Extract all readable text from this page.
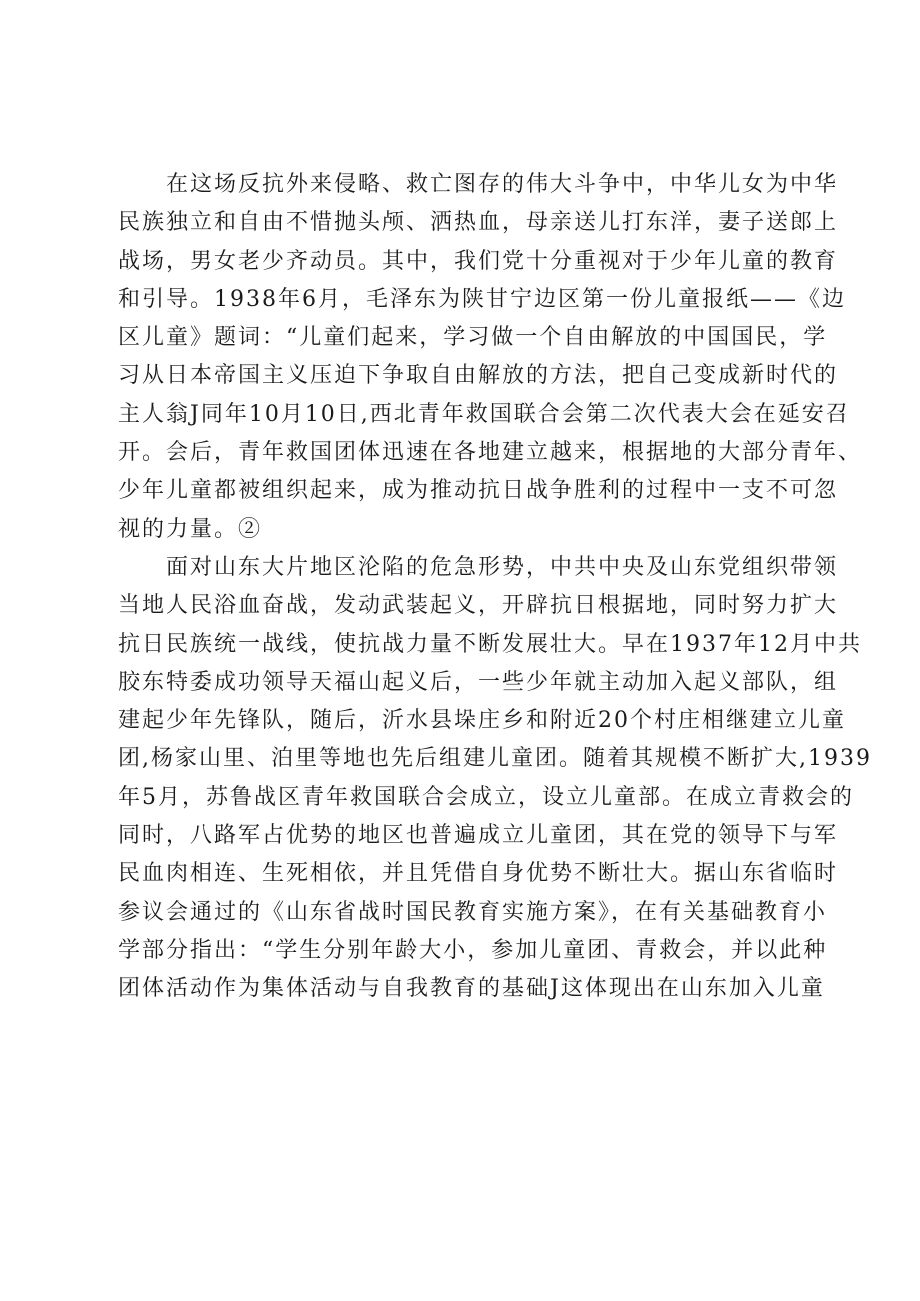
在这场反抗外来侵略、救亡图存的伟大斗争中，中华儿女为中华
民族独立和自由不惜抛头颅、洒热血，母亲送儿打东洋，妻子送郎上
战场，男女老少齐动员。其中，我们党十分重视对于少年儿童的教育
和引导。1938年6月，毛泽东为陕甘宁边区第一份儿童报纸——《边
区儿童》题词：“儿童们起来，学习做一个自由解放的中国国民，学
习从日本帝国主义压迫下争取自由解放的方法，把自己变成新时代的
主人翁J同年10月10日,西北青年救国联合会第二次代表大会在延安召
开。会后，青年救国团体迅速在各地建立越来，根据地的大部分青年、
少年儿童都被组织起来，成为推动抗日战争胜利的过程中一支不可忽
视的力量。②
面对山东大片地区沦陷的危急形势，中共中央及山东党组织带领
当地人民浴血奋战，发动武装起义，开辟抗日根据地，同时努力扩大
抗日民族统一战线，使抗战力量不断发展壮大。早在1937年12月中共
胶东特委成功领导天福山起义后，一些少年就主动加入起义部队，组
建起少年先锋队，随后，沂水县垛庄乡和附近20个村庄相继建立儿童
团,杨家山里、泊里等地也先后组建儿童团。随着其规模不断扩大,1939
年5月，苏鲁战区青年救国联合会成立，设立儿童部。在成立青救会的
同时，八路军占优势的地区也普遍成立儿童团，其在党的领导下与军
民血肉相连、生死相依，并且凭借自身优势不断壮大。据山东省临时
参议会通过的《山东省战时国民教育实施方案》，在有关基础教育小
学部分指出：“学生分别年龄大小，参加儿童团、青救会，并以此种
团体活动作为集体活动与自我教育的基础J这体现出在山东加入儿童
